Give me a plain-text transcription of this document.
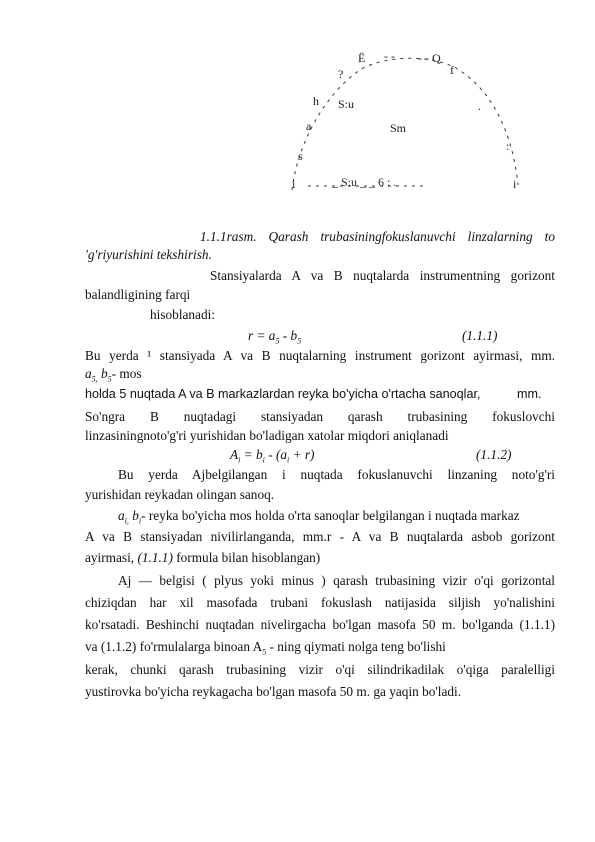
Ё - - - - Q
f
?
h
a
s
i
S:u
Sm
.
:
_ S:u _ _ 6 : .	i
1.1.1rasm. Qarash trubasiningfokuslanuvchi linzalarning to
'g'riyurishini tekshirish.
Stansiyalarda A va B nuqtalarda instrumentning gorizont
balandligining farqi
hisoblanadi:
$r = a_5 - b_5$	(1.1.1)
Bu yerda ¹ stansiyada A va B nuqtalarning instrument gorizont ayirmasi, mm.
$a_{5,}$ $b_5-$ mos
holda 5 nuqtada A va B markazlardan reyka bo'yicha o'rtacha sanoqlar,	mm.
So'ngra B nuqtadagi stansiyadan qarash trubasining fokuslovchi
linzasiningnoto'g'ri yurishidan bo'ladigan xatolar miqdori aniqlanadi
$A_i = b_i - (a_i + r)$	(1.1.2)
Bu yerda Ajbelgilangan i nuqtada fokuslanuvchi linzaning noto'g'ri
yurishidan reykadan olingan sanoq.
$a_{i,}$ $b_i-$ reyka bo'yicha mos holda o'rta sanoqlar belgilangan i nuqtada markaz
A va B stansiyadan nivilirlanganda, mm.r - A va B nuqtalarda asbob gorizont
ayirmasi, (1.1.1) formula bilan hisoblangan)
Aj — belgisi ( plyus yoki minus ) qarash trubasining vizir o'qi gorizontal
chiziqdan har xil masofada trubani fokuslash natijasida siljish yo'nalishini
ko'rsatadi. Beshinchi nuqtadan nivelirgacha bo'lgan masofa 50 m. bo'lganda (1.1.1)
va (1.1.2) fo'rmulalarga binoan $A_5$ - ning qiymati nolga teng bo'lishi
kerak, chunki qarash trubasining vizir o'qi silindrikadilak o'qiga paralelligi
yustirovka bo'yicha reykagacha bo'lgan masofa 50 m. ga yaqin bo'ladi.
